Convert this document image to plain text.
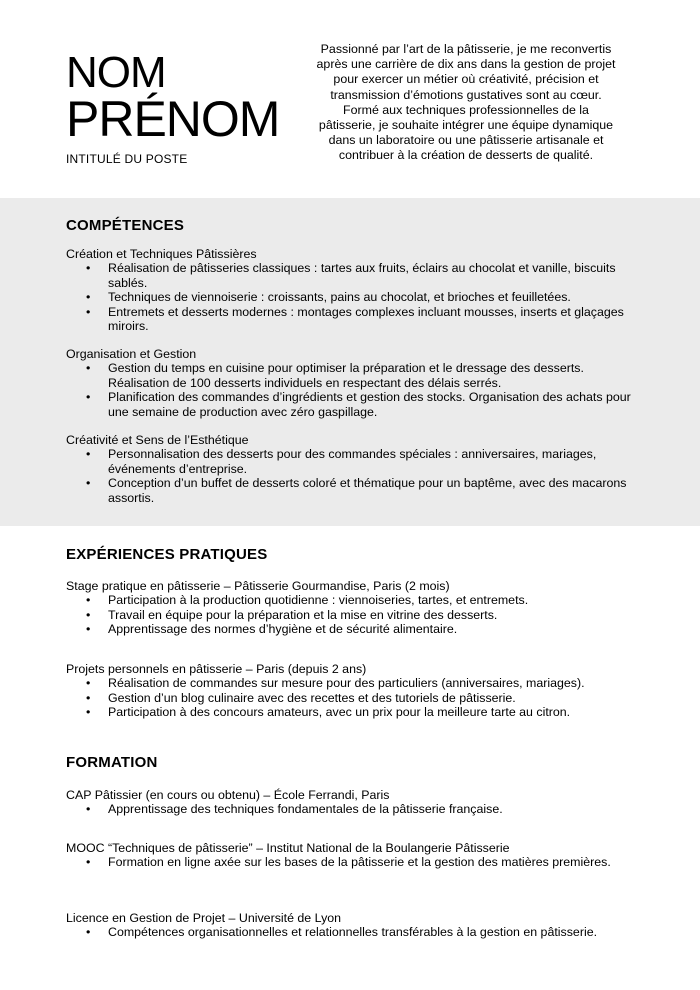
NOM
PRÉNOM
INTITULÉ DU POSTE
Passionné par l’art de la pâtisserie, je me reconvertis après une carrière de dix ans dans la gestion de projet pour exercer un métier où créativité, précision et transmission d’émotions gustatives sont au cœur. Formé aux techniques professionnelles de la pâtisserie, je souhaite intégrer une équipe dynamique dans un laboratoire ou une pâtisserie artisanale et contribuer à la création de desserts de qualité.
COMPÉTENCES
Création et Techniques Pâtissières
• Réalisation de pâtisseries classiques : tartes aux fruits, éclairs au chocolat et vanille, biscuits sablés.
• Techniques de viennoiserie : croissants, pains au chocolat, et brioches et feuilletées.
• Entremets et desserts modernes : montages complexes incluant mousses, inserts et glaçages miroirs.
Organisation et Gestion
• Gestion du temps en cuisine pour optimiser la préparation et le dressage des desserts. Réalisation de 100 desserts individuels en respectant des délais serrés.
• Planification des commandes d’ingrédients et gestion des stocks. Organisation des achats pour une semaine de production avec zéro gaspillage.
Créativité et Sens de l’Esthétique
• Personnalisation des desserts pour des commandes spéciales : anniversaires, mariages, événements d’entreprise.
• Conception d’un buffet de desserts coloré et thématique pour un baptême, avec des macarons assortis.
EXPÉRIENCES PRATIQUES
Stage pratique en pâtisserie – Pâtisserie Gourmandise, Paris (2 mois)
• Participation à la production quotidienne : viennoiseries, tartes, et entremets.
• Travail en équipe pour la préparation et la mise en vitrine des desserts.
• Apprentissage des normes d’hygiène et de sécurité alimentaire.
Projets personnels en pâtisserie – Paris (depuis 2 ans)
• Réalisation de commandes sur mesure pour des particuliers (anniversaires, mariages).
• Gestion d’un blog culinaire avec des recettes et des tutoriels de pâtisserie.
• Participation à des concours amateurs, avec un prix pour la meilleure tarte au citron.
FORMATION
CAP Pâtissier (en cours ou obtenu) – École Ferrandi, Paris
• Apprentissage des techniques fondamentales de la pâtisserie française.
MOOC “Techniques de pâtisserie” – Institut National de la Boulangerie Pâtisserie
• Formation en ligne axée sur les bases de la pâtisserie et la gestion des matières premières.
Licence en Gestion de Projet – Université de Lyon
• Compétences organisationnelles et relationnelles transférables à la gestion en pâtisserie.
